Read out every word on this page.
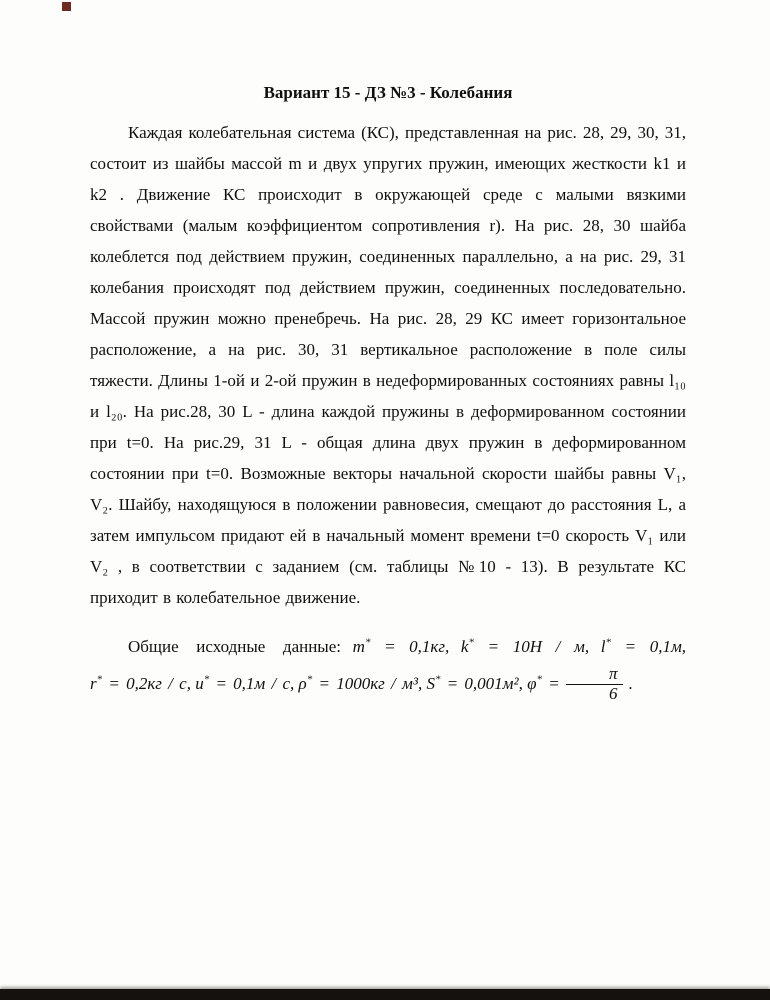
Вариант 15 - ДЗ №3 - Колебания

Каждая колебательная система (КС), представленная на рис. 28, 29, 30, 31, состоит из шайбы массой m и двух упругих пружин, имеющих жесткости k1 и k2 . Движение КС происходит в окружающей среде с малыми вязкими свойствами (малым коэффициентом сопротивления r). На рис. 28, 30 шайба колеблется под действием пружин, соединенных параллельно, а на рис. 29, 31 колебания происходят под действием пружин, соединенных последовательно. Массой пружин можно пренебречь. На рис. 28, 29 КС имеет горизонтальное расположение, а на рис. 30, 31 вертикальное расположение в поле силы тяжести. Длины 1-ой и 2-ой пружин в недеформированных состояниях равны l₁₀ и l₂₀. На рис.28, 30 L - длина каждой пружины в деформированном состоянии при t=0. На рис.29, 31 L - общая длина двух пружин в деформированном состоянии при t=0. Возможные векторы начальной скорости шайбы равны V₁, V₂. Шайбу, находящуюся в положении равновесия, смещают до расстояния L, а затем импульсом придают ей в начальный момент времени t=0 скорость V₁ или V₂ , в соответствии с заданием (см. таблицы №10 - 13). В результате КС приходит в колебательное движение.

Общие исходные данные: m* = 0,1кг, k* = 10Н / м, l* = 0,1м, r* = 0,2кг / с, u* = 0,1м / с, ρ* = 1000кг / м³, S* = 0,001м², $\varphi^* = \frac{\pi}{6}$ .
